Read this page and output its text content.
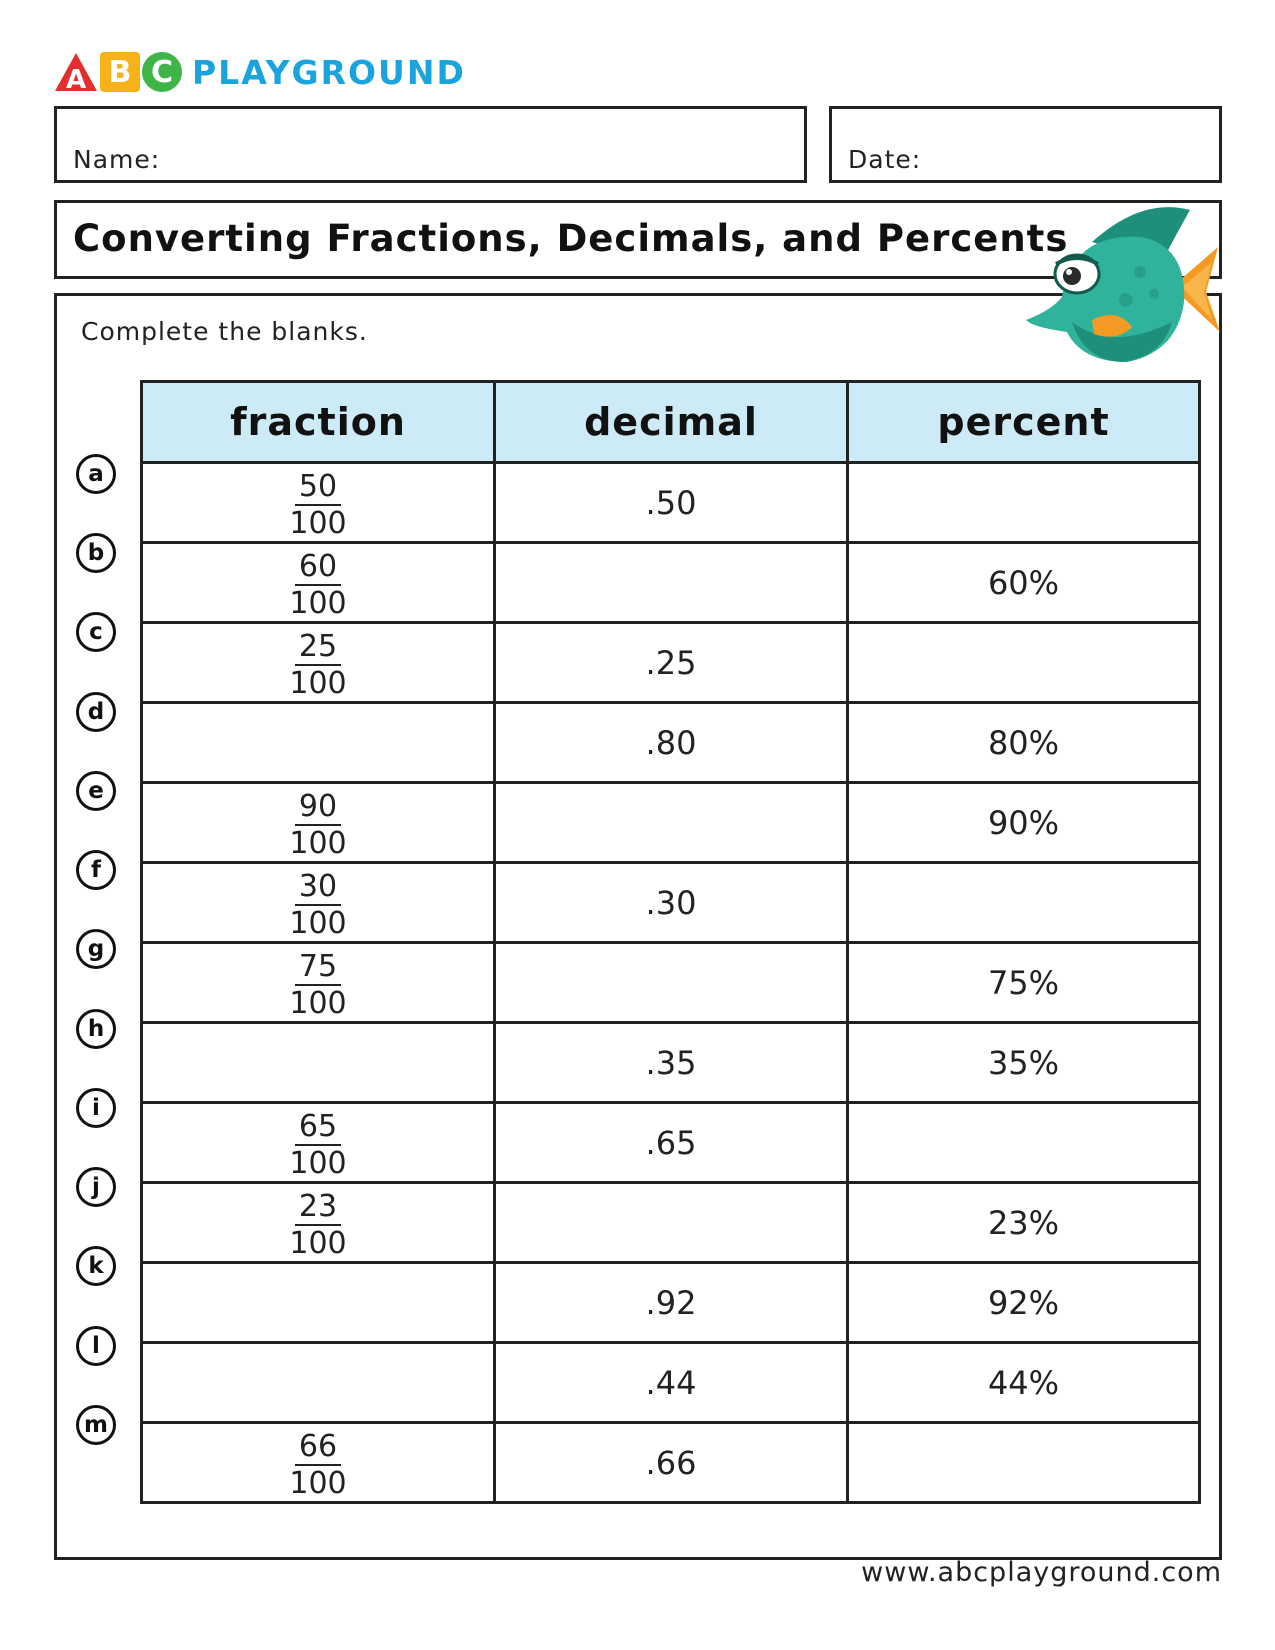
A B C PLAYGROUND
Name:	Date:
Converting Fractions, Decimals, and Percents
Complete the blanks.
a
b
c
d
e
f
g
h
i
j
k
l
m
fraction	decimal	percent

$\frac{50}{100}$	.50	

$\frac{60}{100}$		60%

$\frac{25}{100}$	.25	
	.80	80%

$\frac{90}{100}$		90%

$\frac{30}{100}$	.30	

$\frac{75}{100}$		75%
	.35	35%

$\frac{65}{100}$	.65	

$\frac{23}{100}$		23%
	.92	92%
	.44	44%

$\frac{66}{100}$	.66	
www.abcplayground.com
